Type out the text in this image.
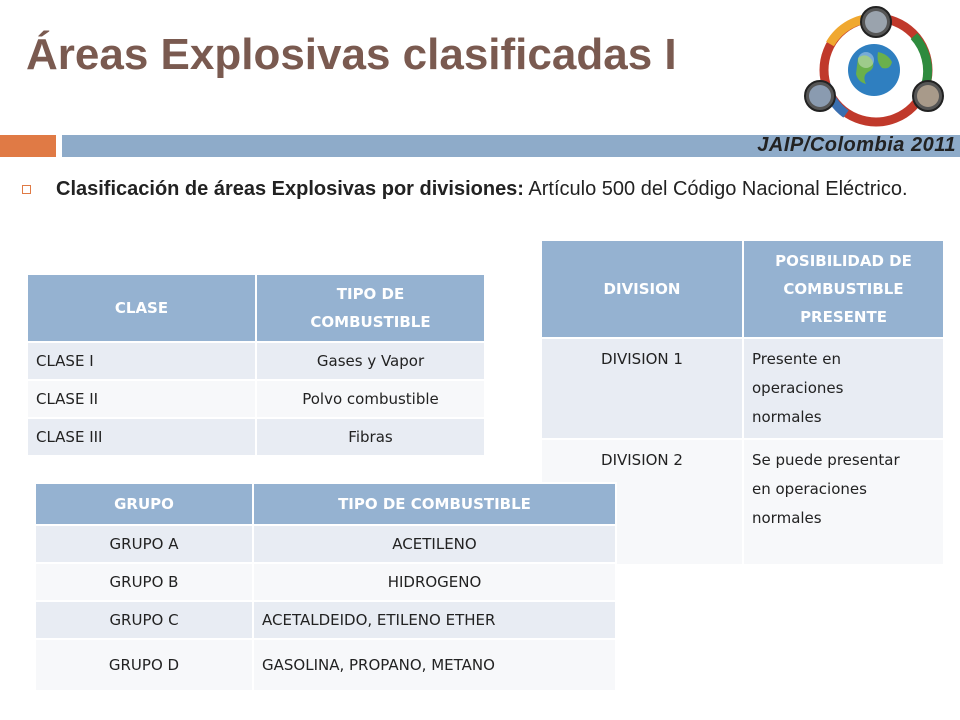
Áreas Explosivas clasificadas I
JAIP/Colombia 2011
Clasificación de áreas Explosivas por divisiones: Artículo 500 del Código Nacional Eléctrico.
CLASE	TIPO DE COMBUSTIBLE
CLASE I	Gases y Vapor
CLASE II	Polvo combustible
CLASE III	Fibras
DIVISION	POSIBILIDAD DE COMBUSTIBLE PRESENTE
DIVISION 1	Presente en operaciones normales
DIVISION 2	Se puede presentar en operaciones normales
GRUPO	TIPO DE COMBUSTIBLE
GRUPO A	ACETILENO
GRUPO B	HIDROGENO
GRUPO C	ACETALDEIDO, ETILENO ETHER
GRUPO D	GASOLINA, PROPANO, METANO
